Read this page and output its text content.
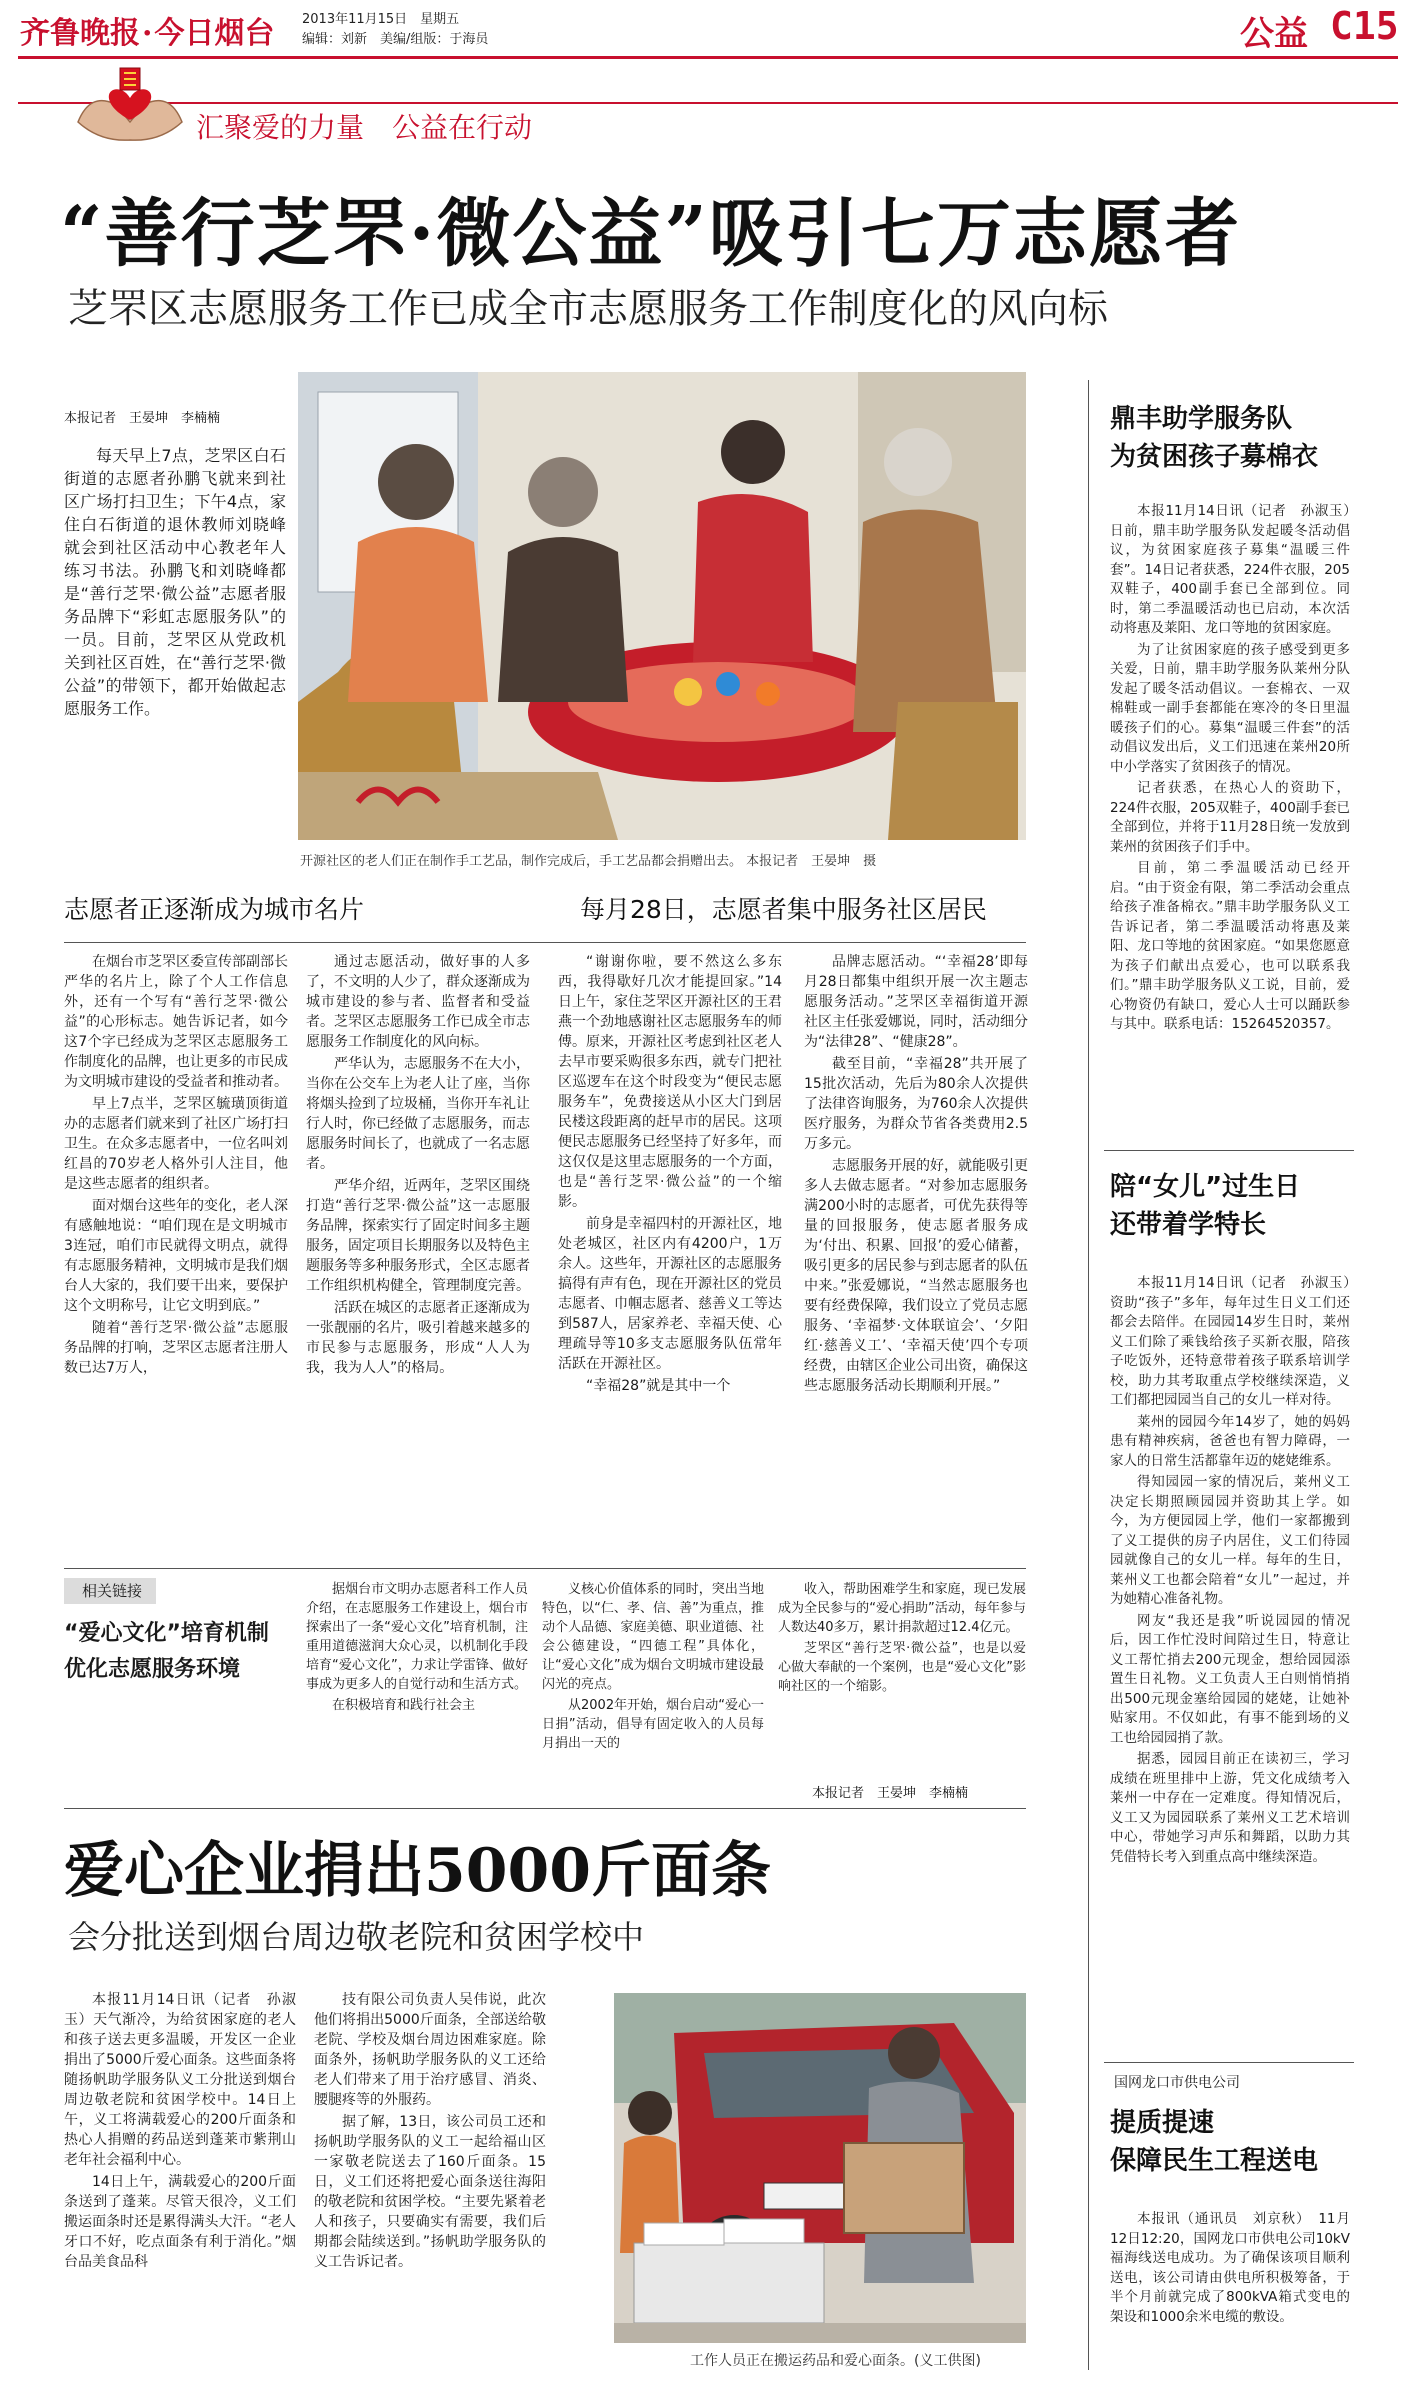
齐鲁晚报·今日烟台 2013年11月15日　星期五
编辑：刘新　美编/组版：于海员	公益 C15
汇聚爱的力量　公益在行动
“善行芝罘·微公益”吸引七万志愿者
芝罘区志愿服务工作已成全市志愿服务工作制度化的风向标
本报记者　王晏坤　李楠楠

每天早上7点，芝罘区白石街道的志愿者孙鹏飞就来到社区广场打扫卫生；下午4点，家住白石街道的退休教师刘晓峰就会到社区活动中心教老年人练习书法。孙鹏飞和刘晓峰都是“善行芝罘·微公益”志愿者服务品牌下“彩虹志愿服务队”的一员。目前，芝罘区从党政机关到社区百姓，在“善行芝罘·微公益”的带领下，都开始做起志愿服务工作。

开源社区的老人们正在制作手工艺品，制作完成后，手工艺品都会捐赠出去。 本报记者　王晏坤　摄
志愿者正逐渐成为城市名片	每月28日，志愿者集中服务社区居民

在烟台市芝罘区委宣传部副部长严华的名片上，除了个人工作信息外，还有一个写有“善行芝罘·微公益”的心形标志。她告诉记者，如今这7个字已经成为芝罘区志愿服务工作制度化的品牌，也让更多的市民成为文明城市建设的受益者和推动者。

早上7点半，芝罘区毓璜顶街道办的志愿者们就来到了社区广场打扫卫生。在众多志愿者中，一位名叫刘红昌的70岁老人格外引人注目，他是这些志愿者的组织者。

面对烟台这些年的变化，老人深有感触地说：“咱们现在是文明城市3连冠，咱们市民就得文明点，就得有志愿服务精神，文明城市是我们烟台人大家的，我们要干出来，要保护这个文明称号，让它文明到底。”

随着“善行芝罘·微公益”志愿服务品牌的打响，芝罘区志愿者注册人数已达7万人，

通过志愿活动，做好事的人多了，不文明的人少了，群众逐渐成为城市建设的参与者、监督者和受益者。芝罘区志愿服务工作已成全市志愿服务工作制度化的风向标。

严华认为，志愿服务不在大小，当你在公交车上为老人让了座，当你将烟头捡到了垃圾桶，当你开车礼让行人时，你已经做了志愿服务，而志愿服务时间长了，也就成了一名志愿者。

严华介绍，近两年，芝罘区围绕打造“善行芝罘·微公益”这一志愿服务品牌，探索实行了固定时间多主题服务，固定项目长期服务以及特色主题服务等多种服务形式，全区志愿者工作组织机构健全，管理制度完善。

活跃在城区的志愿者正逐渐成为一张靓丽的名片，吸引着越来越多的市民参与志愿服务，形成“人人为我，我为人人”的格局。

“谢谢你啦，要不然这么多东西，我得歇好几次才能提回家。”14日上午，家住芝罘区开源社区的王君燕一个劲地感谢社区志愿服务车的师傅。原来，开源社区考虑到社区老人去早市要采购很多东西，就专门把社区巡逻车在这个时段变为“便民志愿服务车”，免费接送从小区大门到居民楼这段距离的赶早市的居民。这项便民志愿服务已经坚持了好多年，而这仅仅是这里志愿服务的一个方面，也是“善行芝罘·微公益”的一个缩影。

前身是幸福四村的开源社区，地处老城区，社区内有4200户，1万余人。这些年，开源社区的志愿服务搞得有声有色，现在开源社区的党员志愿者、巾帼志愿者、慈善义工等达到587人，居家养老、幸福天使、心理疏导等10多支志愿服务队伍常年活跃在开源社区。

“幸福28”就是其中一个

品牌志愿活动。“‘幸福28’即每月28日都集中组织开展一次主题志愿服务活动。”芝罘区幸福街道开源社区主任张爱娜说，同时，活动细分为“法律28”、“健康28”。

截至目前，“幸福28”共开展了15批次活动，先后为80余人次提供了法律咨询服务，为760余人次提供医疗服务，为群众节省各类费用2.5万多元。

志愿服务开展的好，就能吸引更多人去做志愿者。“对参加志愿服务满200小时的志愿者，可优先获得等量的回报服务，使志愿者服务成为‘付出、积累、回报’的爱心储蓄，吸引更多的居民参与到志愿者的队伍中来。”张爱娜说，“当然志愿服务也要有经费保障，我们设立了党员志愿服务、‘幸福梦·文体联谊会’、‘夕阳红·慈善义工’、‘幸福天使’四个专项经费，由辖区企业公司出资，确保这些志愿服务活动长期顺利开展。”

相关链接
“爱心文化”培育机制
优化志愿服务环境

据烟台市文明办志愿者科工作人员介绍，在志愿服务工作建设上，烟台市探索出了一条“爱心文化”培育机制，注重用道德滋润大众心灵，以机制化手段培育“爱心文化”，力求让学雷锋、做好事成为更多人的自觉行动和生活方式。

在积极培育和践行社会主

义核心价值体系的同时，突出当地特色，以“仁、孝、信、善”为重点，推动个人品德、家庭美德、职业道德、社会公德建设，“四德工程”具体化，让“爱心文化”成为烟台文明城市建设最闪光的亮点。

从2002年开始，烟台启动“爱心一日捐”活动，倡导有固定收入的人员每月捐出一天的

收入，帮助困难学生和家庭，现已发展成为全民参与的“爱心捐助”活动，每年参与人数达40多万，累计捐款超过12.4亿元。

芝罘区“善行芝罘·微公益”，也是以爱心做大奉献的一个案例，也是“爱心文化”影响社区的一个缩影。

本报记者　王晏坤　李楠楠
鼎丰助学服务队
为贫困孩子募棉衣

本报11月14日讯（记者　孙淑玉）　日前，鼎丰助学服务队发起暖冬活动倡议，为贫困家庭孩子募集“温暖三件套”。14日记者获悉，224件衣服，205双鞋子，400副手套已全部到位。同时，第二季温暖活动也已启动，本次活动将惠及莱阳、龙口等地的贫困家庭。

为了让贫困家庭的孩子感受到更多关爱，日前，鼎丰助学服务队莱州分队发起了暖冬活动倡议。一套棉衣、一双棉鞋或一副手套都能在寒冷的冬日里温暖孩子们的心。募集“温暖三件套”的活动倡议发出后，义工们迅速在莱州20所中小学落实了贫困孩子的情况。

记者获悉，在热心人的资助下，224件衣服，205双鞋子，400副手套已全部到位，并将于11月28日统一发放到莱州的贫困孩子们手中。

目前，第二季温暖活动已经开启。“由于资金有限，第二季活动会重点给孩子准备棉衣。”鼎丰助学服务队义工告诉记者，第二季温暖活动将惠及莱阳、龙口等地的贫困家庭。“如果您愿意为孩子们献出点爱心，也可以联系我们。”鼎丰助学服务队义工说，目前，爱心物资仍有缺口，爱心人士可以踊跃参与其中。联系电话：15264520357。

陪“女儿”过生日
还带着学特长

本报11月14日讯（记者　孙淑玉）　资助“孩子”多年，每年过生日义工们还都会去陪伴。在园园14岁生日时，莱州义工们除了乘钱给孩子买新衣服，陪孩子吃饭外，还特意带着孩子联系培训学校，助力其考取重点学校继续深造，义工们都把园园当自己的女儿一样对待。

莱州的园园今年14岁了，她的妈妈患有精神疾病，爸爸也有智力障碍，一家人的日常生活都靠年迈的姥姥维系。

得知园园一家的情况后，莱州义工决定长期照顾园园并资助其上学。如今，为方便园园上学，他们一家都搬到了义工提供的房子内居住，义工们待园园就像自己的女儿一样。每年的生日，莱州义工也都会陪着“女儿”一起过，并为她精心准备礼物。

网友“我还是我”听说园园的情况后，因工作忙没时间陪过生日，特意让义工帮忙捎去200元现金，想给园园添置生日礼物。义工负责人王白则悄悄捎出500元现金塞给园园的姥姥，让她补贴家用。不仅如此，有事不能到场的义工也给园园捎了款。

据悉，园园目前正在读初三，学习成绩在班里排中上游，凭文化成绩考入莱州一中存在一定难度。得知情况后，义工又为园园联系了莱州义工艺术培训中心，带她学习声乐和舞蹈，以助力其凭借特长考入到重点高中继续深造。

国网龙口市供电公司
提质提速
保障民生工程送电

本报讯（通讯员　刘京秋）　11月12日12:20，国网龙口市供电公司10kV福海线送电成功。为了确保该项目顺利送电，该公司请由供电所积极筹备，于半个月前就完成了800kVA箱式变电的架设和1000余米电缆的敷设。

爱心企业捐出5000斤面条
会分批送到烟台周边敬老院和贫困学校中

本报11月14日讯（记者　孙淑玉）天气渐冷，为给贫困家庭的老人和孩子送去更多温暖，开发区一企业捐出了5000斤爱心面条。这些面条将随扬帆助学服务队义工分批送到烟台周边敬老院和贫困学校中。14日上午，义工将满载爱心的200斤面条和热心人捐赠的药品送到蓬莱市紫荆山老年社会福利中心。

14日上午，满载爱心的200斤面条送到了蓬莱。尽管天很冷，义工们搬运面条时还是累得满头大汗。“老人牙口不好，吃点面条有利于消化。”烟台品美食品科

技有限公司负责人吴伟说，此次他们将捐出5000斤面条，全部送给敬老院、学校及烟台周边困难家庭。除面条外，扬帆助学服务队的义工还给老人们带来了用于治疗感冒、消炎、腰腿疼等的外服药。

据了解，13日，该公司员工还和扬帆助学服务队的义工一起给福山区一家敬老院送去了160斤面条。15日，义工们还将把爱心面条送往海阳的敬老院和贫困学校。“主要先紧着老人和孩子，只要确实有需要，我们后期都会陆续送到。”扬帆助学服务队的义工告诉记者。

工作人员正在搬运药品和爱心面条。(义工供图)
